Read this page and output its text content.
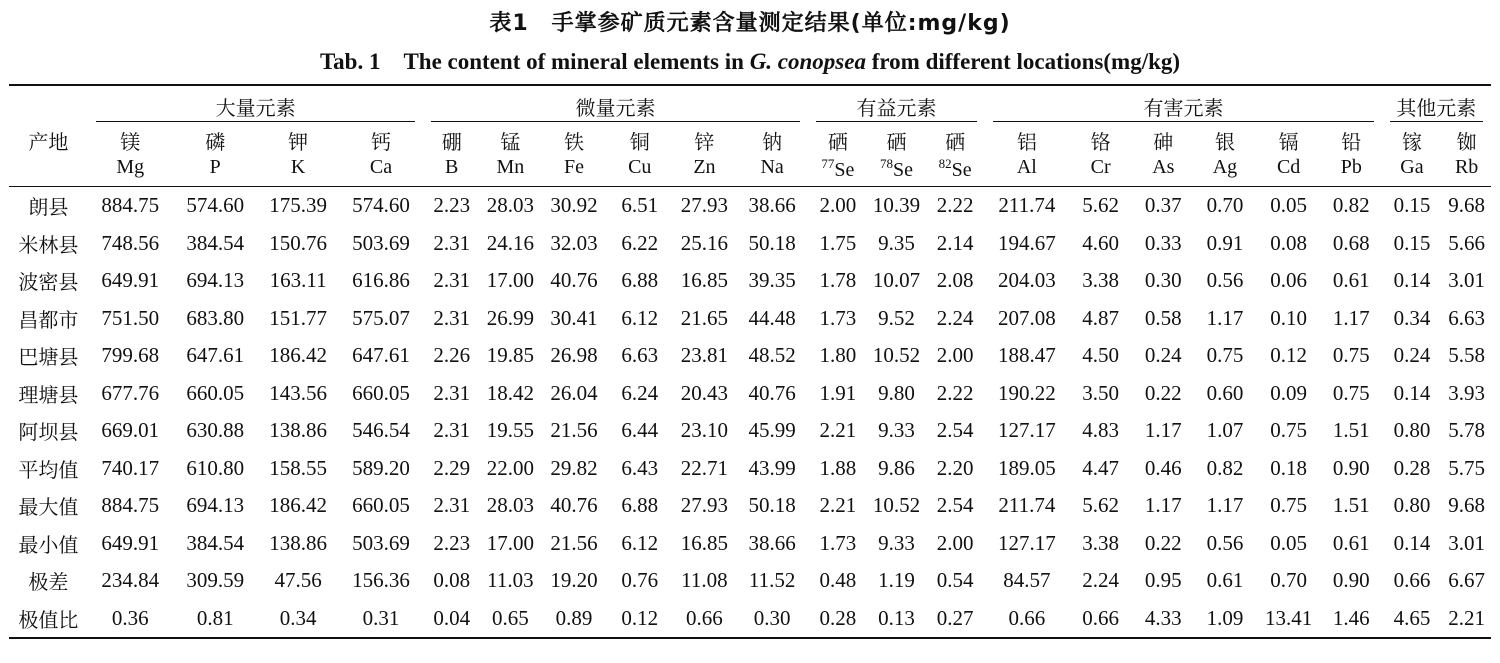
表1　手掌参矿质元素含量测定结果(单位:mg/kg)
Tab. 1　The content of mineral elements in G. conopsea from different locations(mg/kg)

	大量元素				微量元素						有益元素			有害元素						其他元素	

产地	镁	磷	钾	钙	硼	锰	铁	铜	锌	钠	硒	硒	硒	铝	铬	砷	银	镉	铅	镓	铷
	Mg	P	K	Ca	B	Mn	Fe	Cu	Zn	Na	$^{77}$Se	$^{78}$Se	$^{82}$Se	Al	Cr	As	Ag	Cd	Pb	Ga	Rb
朗县	884.75	574.60	175.39	574.60	2.23	28.03	30.92	6.51	27.93	38.66	2.00	10.39	2.22	211.74	5.62	0.37	0.70	0.05	0.82	0.15	9.68
米林县	748.56	384.54	150.76	503.69	2.31	24.16	32.03	6.22	25.16	50.18	1.75	9.35	2.14	194.67	4.60	0.33	0.91	0.08	0.68	0.15	5.66
波密县	649.91	694.13	163.11	616.86	2.31	17.00	40.76	6.88	16.85	39.35	1.78	10.07	2.08	204.03	3.38	0.30	0.56	0.06	0.61	0.14	3.01
昌都市	751.50	683.80	151.77	575.07	2.31	26.99	30.41	6.12	21.65	44.48	1.73	9.52	2.24	207.08	4.87	0.58	1.17	0.10	1.17	0.34	6.63
巴塘县	799.68	647.61	186.42	647.61	2.26	19.85	26.98	6.63	23.81	48.52	1.80	10.52	2.00	188.47	4.50	0.24	0.75	0.12	0.75	0.24	5.58
理塘县	677.76	660.05	143.56	660.05	2.31	18.42	26.04	6.24	20.43	40.76	1.91	9.80	2.22	190.22	3.50	0.22	0.60	0.09	0.75	0.14	3.93
阿坝县	669.01	630.88	138.86	546.54	2.31	19.55	21.56	6.44	23.10	45.99	2.21	9.33	2.54	127.17	4.83	1.17	1.07	0.75	1.51	0.80	5.78
平均值	740.17	610.80	158.55	589.20	2.29	22.00	29.82	6.43	22.71	43.99	1.88	9.86	2.20	189.05	4.47	0.46	0.82	0.18	0.90	0.28	5.75
最大值	884.75	694.13	186.42	660.05	2.31	28.03	40.76	6.88	27.93	50.18	2.21	10.52	2.54	211.74	5.62	1.17	1.17	0.75	1.51	0.80	9.68
最小值	649.91	384.54	138.86	503.69	2.23	17.00	21.56	6.12	16.85	38.66	1.73	9.33	2.00	127.17	3.38	0.22	0.56	0.05	0.61	0.14	3.01
极差	234.84	309.59	47.56	156.36	0.08	11.03	19.20	0.76	11.08	11.52	0.48	1.19	0.54	84.57	2.24	0.95	0.61	0.70	0.90	0.66	6.67
极值比	0.36	0.81	0.34	0.31	0.04	0.65	0.89	0.12	0.66	0.30	0.28	0.13	0.27	0.66	0.66	4.33	1.09	13.41	1.46	4.65	2.21
